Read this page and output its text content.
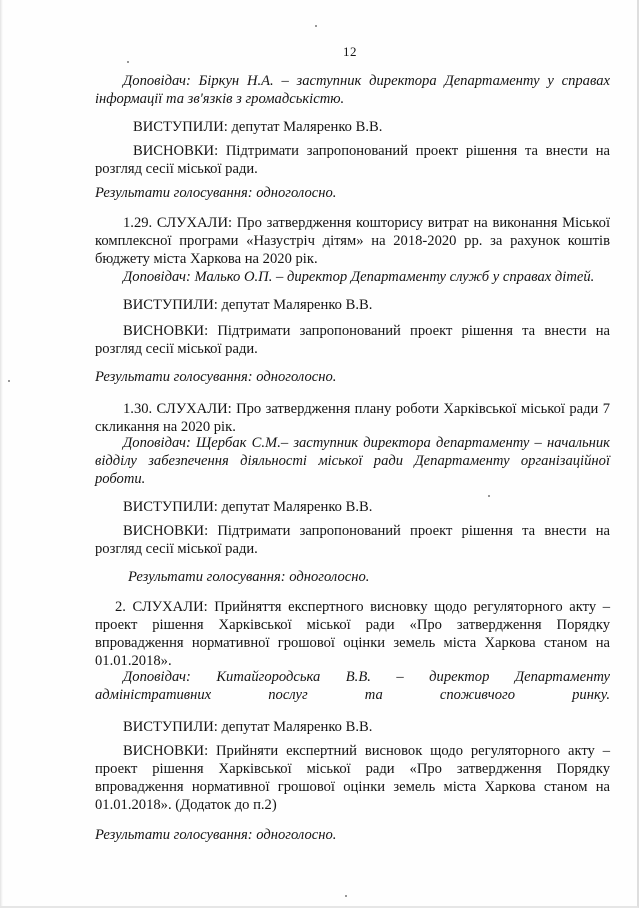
12

Доповідач: Біркун Н.А. – заступник директора Департаменту у справах інформації та зв'язків з громадськістю.

ВИСТУПИЛИ: депутат Маляренко В.В.

ВИСНОВКИ: Підтримати запропонований проект рішення та внести на розгляд сесії міської ради.

Результати голосування: одноголосно.

1.29. СЛУХАЛИ: Про затвердження кошторису витрат на виконання Міської комплексної програми «Назустріч дітям» на 2018-2020 рр. за рахунок коштів бюджету міста Харкова на 2020 рік.

Доповідач: Малько О.П. – директор Департаменту служб у справах дітей.

ВИСТУПИЛИ: депутат Маляренко В.В.

ВИСНОВКИ: Підтримати запропонований проект рішення та внести на розгляд сесії міської ради.

Результати голосування: одноголосно.

1.30. СЛУХАЛИ: Про затвердження плану роботи Харківської міської ради 7 скликання на 2020 рік.

Доповідач: Щербак С.М.– заступник директора департаменту – начальник відділу забезпечення діяльності міської ради Департаменту організаційної роботи.

ВИСТУПИЛИ: депутат Маляренко В.В.

ВИСНОВКИ: Підтримати запропонований проект рішення та внести на розгляд сесії міської ради.

Результати голосування: одноголосно.

2. СЛУХАЛИ: Прийняття експертного висновку щодо регуляторного акту – проект рішення Харківської міської ради «Про затвердження Порядку впровадження нормативної грошової оцінки земель міста Харкова станом на 01.01.2018».

Доповідач: Китайгородська В.В. – директор Департаменту адміністративних послуг та споживчого ринку.

ВИСТУПИЛИ: депутат Маляренко В.В.

ВИСНОВКИ: Прийняти експертний висновок щодо регуляторного акту – проект рішення Харківської міської ради «Про затвердження Порядку впровадження нормативної грошової оцінки земель міста Харкова станом на 01.01.2018». (Додаток до п.2)

Результати голосування: одноголосно.
